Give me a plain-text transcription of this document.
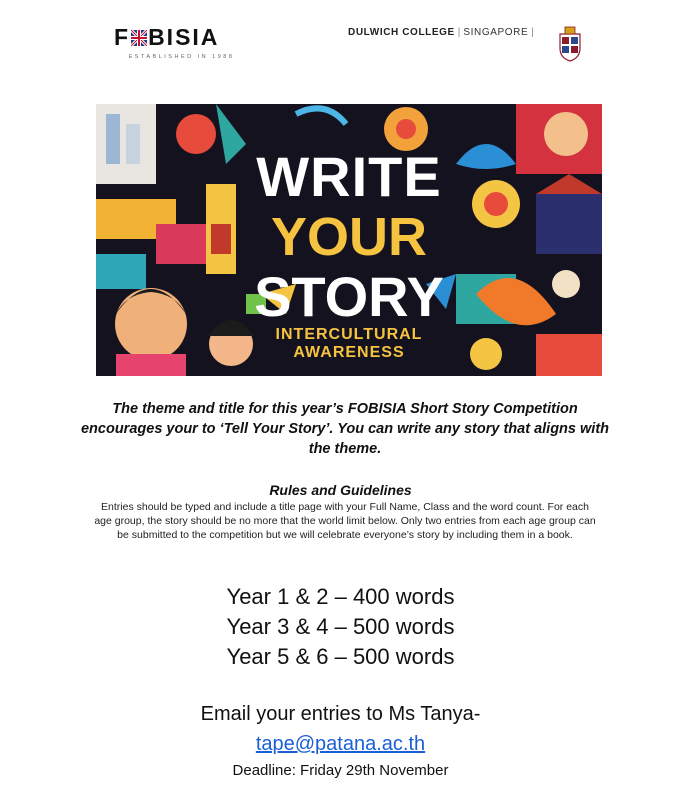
F BISIA
ESTABLISHED IN 1988
DULWICH COLLEGE | SINGAPORE |
WRITE
YOUR
STORY
INTERCULTURAL
AWARENESS

The theme and title for this year’s FOBISIA Short Story Competition encourages your to ‘Tell Your Story’. You can write any story that aligns with the theme.

Rules and Guidelines

Entries should be typed and include a title page with your Full Name, Class and the word count. For each age group, the story should be no more that the world limit below. Only two entries from each age group can be submitted to the competition but we will celebrate everyone’s story by including them in a book.

Year 1 & 2 – 400 words
Year 3 & 4 – 500 words
Year 5 & 6 – 500 words
Email your entries to Ms Tanya-
tape@patana.ac.th
Deadline: Friday 29th November
